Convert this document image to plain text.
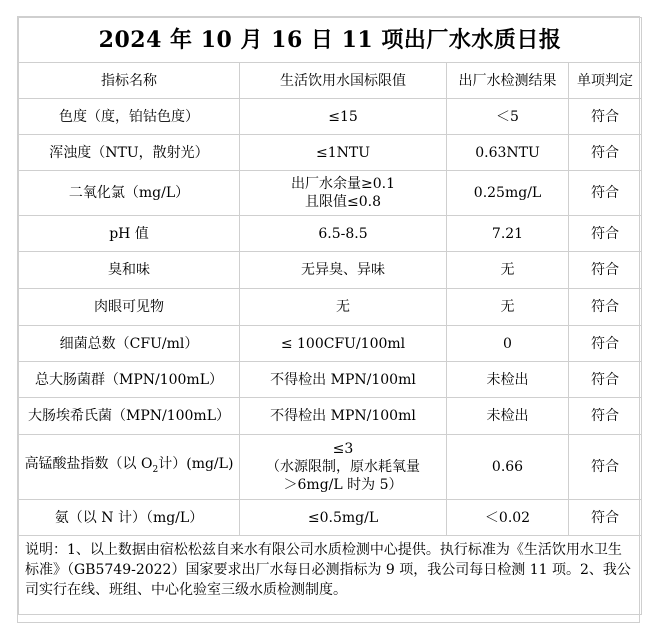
2024 年 10 月 16 日 11 项出厂水水质日报			
指标名称	生活饮用水国标限值	出厂水检测结果	单项判定
色度（度，铂钴色度）	≤15	＜5	符合
浑浊度（NTU，散射光）	≤1NTU	0.63NTU	符合
二氧化氯（mg/L）	出厂水余量≥0.1
且限值≤0.8	0.25mg/L	符合
pH 值	6.5-8.5	7.21	符合
臭和味	无异臭、异味	无	符合
肉眼可见物	无	无	符合
细菌总数（CFU/ml）	≤ 100CFU/100ml	0	符合
总大肠菌群（MPN/100mL）	不得检出 MPN/100ml	未检出	符合
大肠埃希氏菌（MPN/100mL）	不得检出 MPN/100ml	未检出	符合
高锰酸盐指数（以 $O_2$计）(mg/L)	≤3
（水源限制，原水耗氧量
＞6mg/L 时为 5）	0.66	符合
氨（以 N 计）（mg/L）	≤0.5mg/L	＜0.02	符合
说明：1、以上数据由宿松松兹自来水有限公司水质检测中心提供。执行标准为《生活饮用水卫生标准》（GB5749-2022）国家要求出厂水每日必测指标为 9 项，我公司每日检测 11 项。2、我公司实行在线、班组、中心化验室三级水质检测制度。			
